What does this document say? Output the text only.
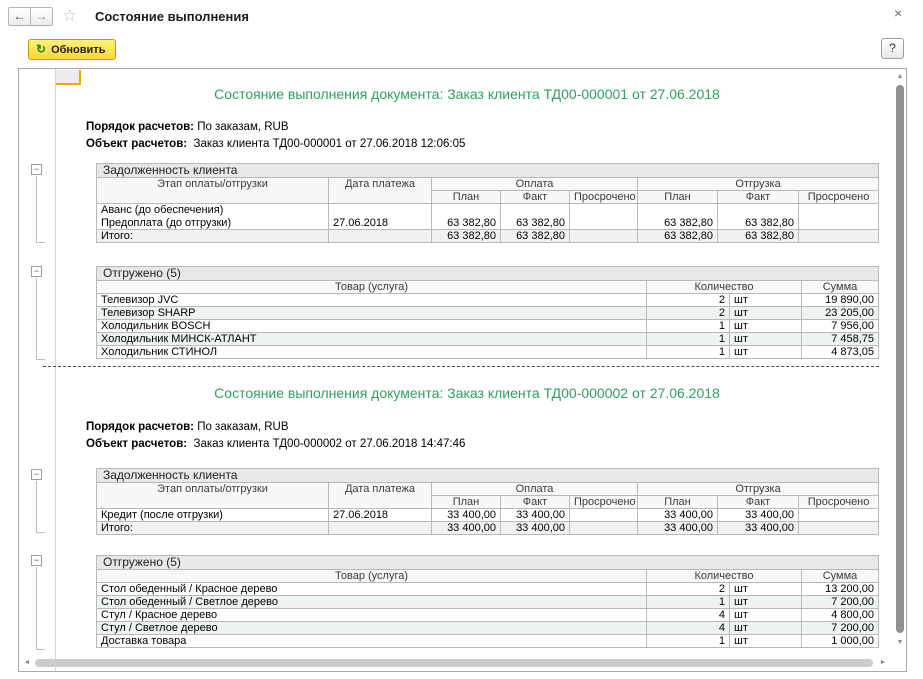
← → ☆ Состояние выполнения	×
↻ Обновить	?
−
−
−
−
Состояние выполнения документа: Заказ клиента ТД00-000001 от 27.06.2018
Порядок расчетов: По заказам, RUB
Объект расчетов: Заказ клиента ТД00-000001 от 27.06.2018 12:06:05
Задолженность клиента							
Этап оплаты/отгрузки	Дата платежа	Оплата			Отгрузка		
		План	Факт	Просрочено	План	Факт	Просрочено
Аванс (до обеспечения)							
Предоплата (до отгрузки)	27.06.2018	63 382,80	63 382,80		63 382,80	63 382,80	
Итого:		63 382,80	63 382,80		63 382,80	63 382,80	
Отгружено (5)			
Товар (услуга)	Количество		Сумма
Телевизор JVC	2	шт	19 890,00
Телевизор SHARP	2	шт	23 205,00
Холодильник BOSCH	1	шт	7 956,00
Холодильник МИНСК-АТЛАНТ	1	шт	7 458,75
Холодильник СТИНОЛ	1	шт	4 873,05
Состояние выполнения документа: Заказ клиента ТД00-000002 от 27.06.2018
Порядок расчетов: По заказам, RUB
Объект расчетов: Заказ клиента ТД00-000002 от 27.06.2018 14:47:46
Задолженность клиента							
Этап оплаты/отгрузки	Дата платежа	Оплата			Отгрузка		
		План	Факт	Просрочено	План	Факт	Просрочено
Кредит (после отгрузки)	27.06.2018	33 400,00	33 400,00		33 400,00	33 400,00	
Итого:		33 400,00	33 400,00		33 400,00	33 400,00	
Отгружено (5)			
Товар (услуга)	Количество		Сумма
Стол обеденный / Красное дерево	2	шт	13 200,00
Стол обеденный / Светлое дерево	1	шт	7 200,00
Стул / Красное дерево	4	шт	4 800,00
Стул / Светлое дерево	4	шт	7 200,00
Доставка товара	1	шт	1 000,00
▲
▼
◄	►
